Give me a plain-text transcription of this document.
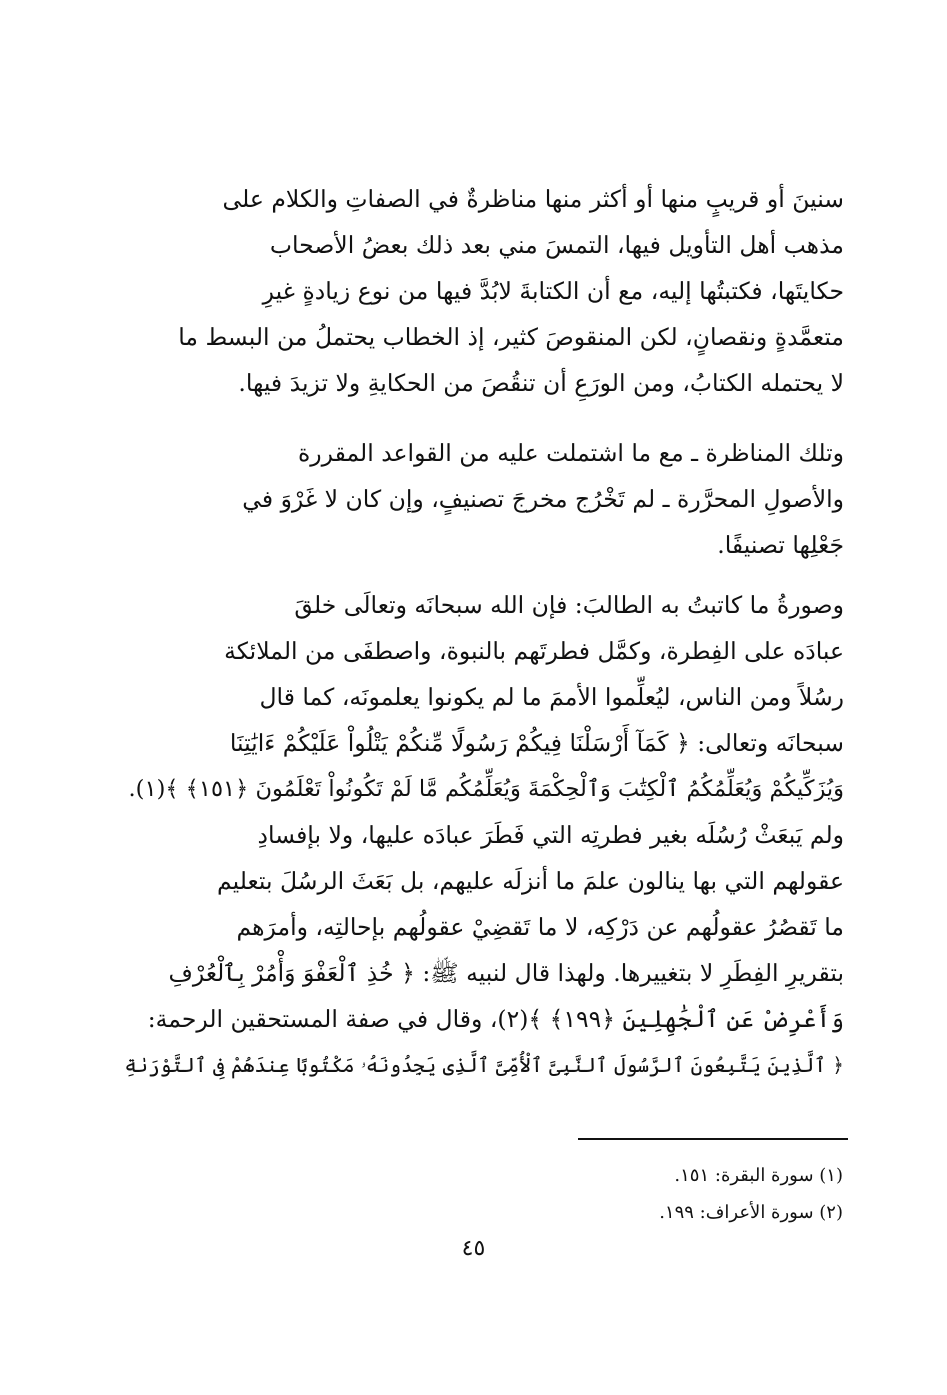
سنينَ أو قريبٍ منها أو أكثر منها مناظرةٌ في الصفاتِ والكلام على
مذهب أهل التأويل فيها، التمسَ مني بعد ذلك بعضُ الأصحاب
حكايتَها، فكتبتُها إليه، مع أن الكتابةَ لابُدَّ فيها من نوع زيادةٍ غيرِ
متعمَّدةٍ ونقصانٍ، لكن المنقوصَ كثير، إذ الخطاب يحتملُ من البسط ما
لا يحتمله الكتابُ، ومن الورَعِ أن تنقُصَ من الحكايةِ ولا تزيدَ فيها.

وتلك المناظرة ـ مع ما اشتملت عليه من القواعد المقررة
والأصولِ المحرَّرة ـ لم تَخْرُج مخرجَ تصنيفٍ، وإن كان لا غَرْوَ في
جَعْلِها تصنيفًا.

وصورةُ ما كاتبتُ به الطالبَ: فإن الله سبحانَه وتعالَى خلقَ
عبادَه على الفِطرة، وكمَّل فطرتَهم بالنبوة، واصطفَى من الملائكة
رسُلاً ومن الناس، ليُعلِّموا الأممَ ما لم يكونوا يعلمونَه، كما قال
سبحانَه وتعالى: ﴿ كَمَآ أَرْسَلْنَا فِيكُمْ رَسُولًا مِّنكُمْ يَتْلُواْ عَلَيْكُمْ ءَايَٰتِنَا
وَيُزَكِّيكُمْ وَيُعَلِّمُكُمُ ٱلْكِتَٰبَ وَٱلْحِكْمَةَ وَيُعَلِّمُكُم مَّا لَمْ تَكُونُواْ تَعْلَمُونَ ﴿١٥١﴾ ﴾(١).
ولم يَبعَثْ رُسُلَه بغير فطرتِه التي فَطَرَ عبادَه عليها، ولا بإفسادِ
عقولهم التي بها ينالون علمَ ما أنزلَه عليهم، بل بَعَثَ الرسُلَ بتعليم
ما تَقصُرُ عقولُهم عن دَرْكِه، لا ما تَقضِيْ عقولُهم بإحالتِه، وأمرَهم
بتقريرِ الفِطَرِ لا بتغييرها. ولهذا قال لنبيه ﷺ: ﴿ خُذِ ٱلْعَفْوَ وَأْمُرْ بِٱلْعُرْفِ
وَأَعْرِضْ عَنِ ٱلْجَٰهِلِينَ ﴿١٩٩﴾ ﴾(٢)، وقال في صفة المستحقين الرحمة:
﴿ ٱلَّذِينَ يَتَّبِعُونَ ٱلرَّسُولَ ٱلنَّبِىَّ ٱلْأُمِّىَّ ٱلَّذِى يَجِدُونَهُۥ مَكْتُوبًا عِندَهُمْ فِى ٱلتَّوْرَىٰةِ

(١) سورة البقرة: ١٥١.
(٢) سورة الأعراف: ١٩٩.
٤٥
